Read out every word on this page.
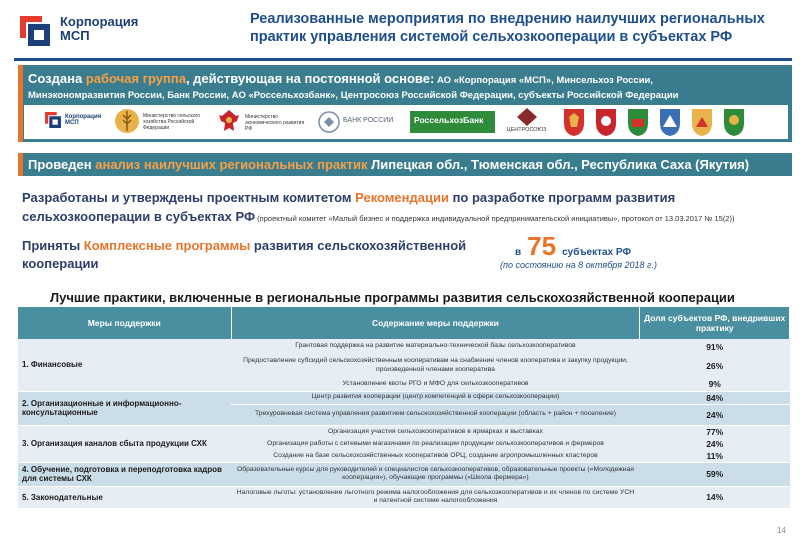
Корпорация
МСП
Реализованные мероприятия по внедрению наилучших региональных
практик управления системой сельхозкооперации в субъектах РФ
Создана рабочая группа, действующая на постоянной основе: АО «Корпорация «МСП», Минсельхоз России,
Минэкономразвития России, Банк России, АО «Россельхозбанк», Центросоюз Российской Федерации, субъекты Российской Федерации
Корпорация МСП
Министерство сельского хозяйства Российской Федерации
Министерство экономического развития РФ
БАНК РОССИИ	РоссельхозБанк
ЦЕНТРОСОЮЗ
Проведен анализ наилучших региональных практик Липецкая обл., Тюменская обл., Республика Саха (Якутия)
Разработаны и утверждены проектным комитетом Рекомендации по разработке программ развития
сельхозкооперации в субъектах РФ (проектный комитет «Малый бизнес и поддержка индивидуальной предпринимательской инициативы», протокол от 13.03.2017 № 15(2))
Приняты Комплексные программы развития сельскохозяйственной
кооперации
в 75 субъектах РФ
(по состоянию на 8 октября 2018 г.)
Лучшие практики, включенные в региональные программы развития сельскохозяйственной кооперации
Меры поддержки	Содержание меры поддержки	Доля субъектов РФ, внедривших практику
1. Финансовые	Грантовая поддержка на развитие материально-технической базы сельхозкооперативов	91%
	Предоставление субсидий сельскохозяйственным кооперативам на снабжение членов кооператива и закупку продукции, произведенной членами кооператива	26%
	Установление квоты РГО и МФО для сельхозкооперативов	9%
2. Организационные и информационно-консультационные	Центр развития кооперации (центр компетенций в сфере сельхозкооперации)	84%
	Трехуровневая система управления развитием сельскохозяйственной кооперации (область + район + поселение)	24%
3. Организация каналов сбыта продукции СХК	Организация участия сельхозкооперативов в ярмарках и выставках	77%
	Организация работы с сетевыми магазинами по реализации продукции сельхозкооперативов и фермеров	24%
	Создание на базе сельскохозяйственных кооперативов ОРЦ, создание агропромышленных кластеров	11%
4. Обучение, подготовка и переподготовка кадров для системы СХК	Образовательные курсы для руководителей и специалистов сельхозкооперативов, образовательные проекты («Молодежная кооперация»), обучающие программы («Школа фермера»)	59%
5. Законодательные	Налоговые льготы: установление льготного режима налогообложения для сельхозкооперативов и их членов по системе УСН и патентной системе налогообложения	14%
14
